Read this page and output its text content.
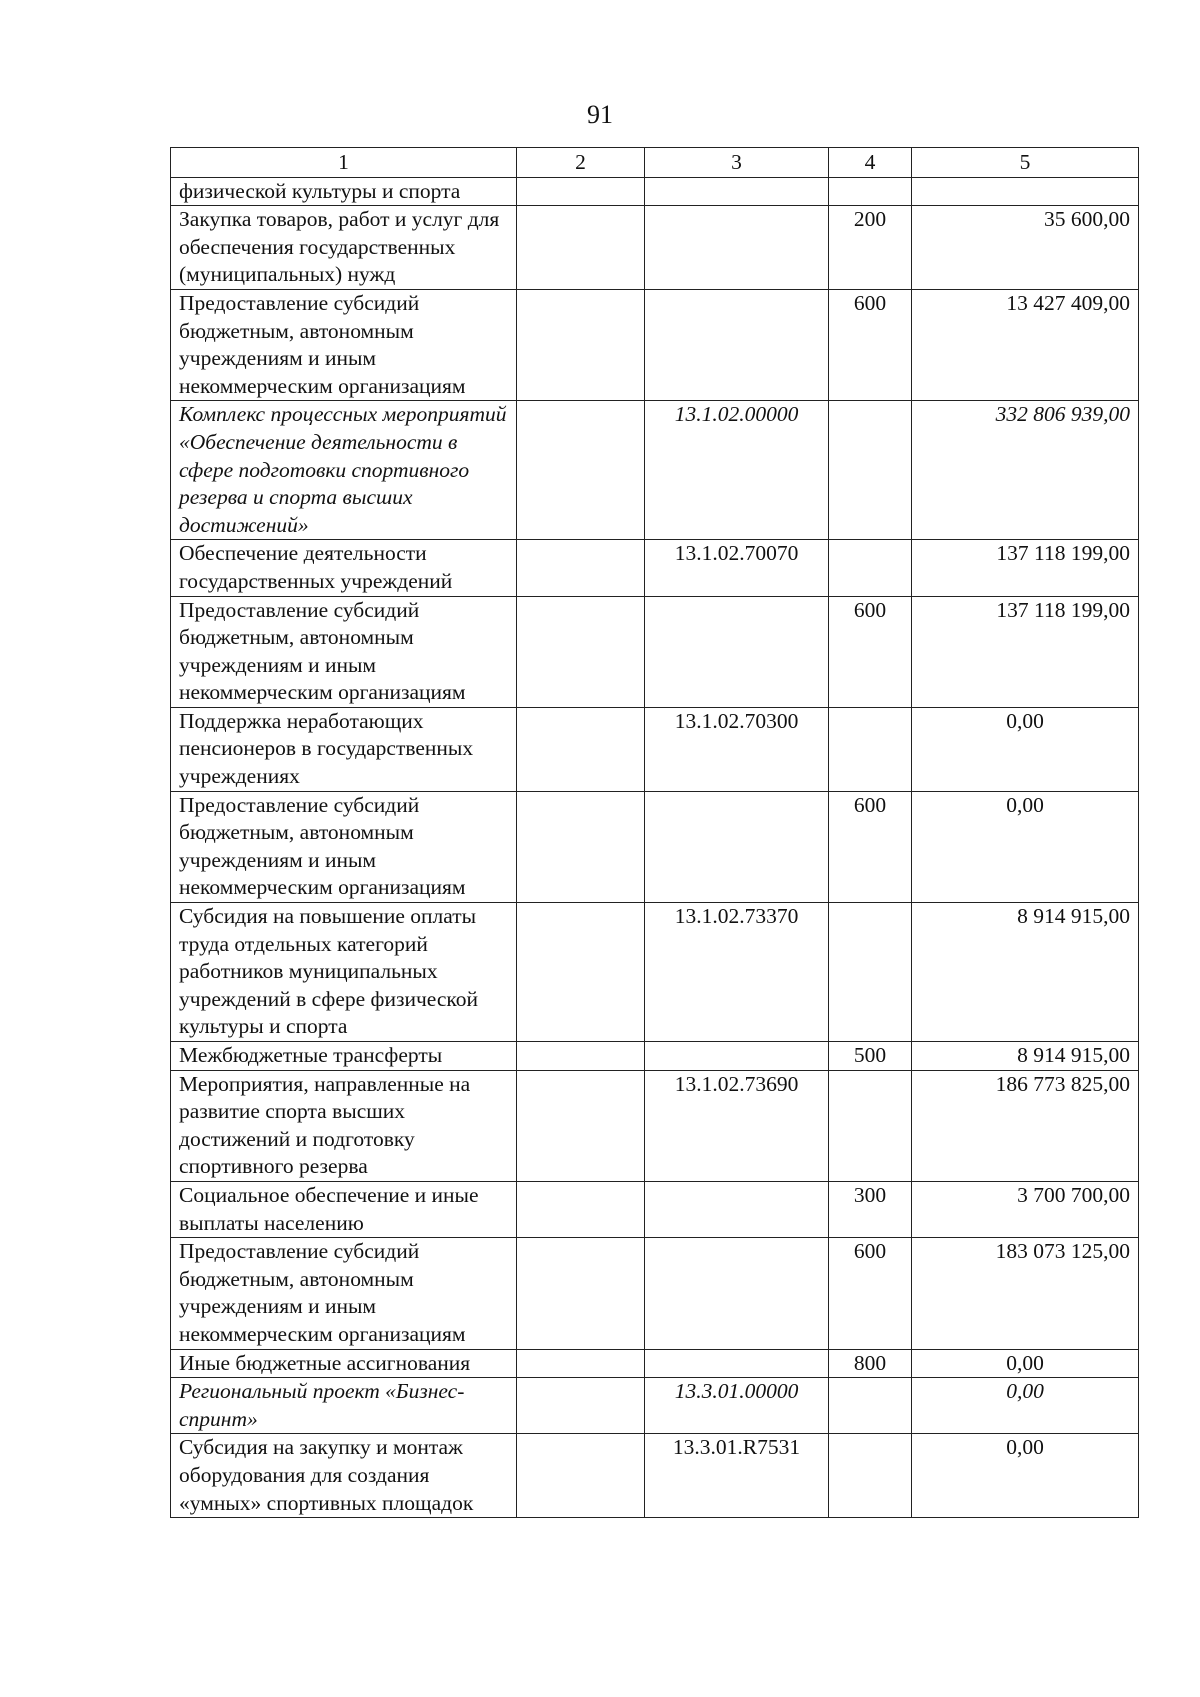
91
1	2	3	4	5
физической культуры и спорта				
Закупка товаров, работ и услуг для обеспечения государственных (муниципальных) нужд			200	35 600,00
Предоставление субсидий бюджетным, автономным учреждениям и иным некоммерческим организациям			600	13 427 409,00
Комплекс процессных мероприятий «Обеспечение деятельности в сфере подготовки спортивного резерва и спорта высших достижений»		13.1.02.00000		332 806 939,00
Обеспечение деятельности государственных учреждений		13.1.02.70070		137 118 199,00
Предоставление субсидий бюджетным, автономным учреждениям и иным некоммерческим организациям			600	137 118 199,00
Поддержка неработающих пенсионеров в государственных учреждениях		13.1.02.70300		0,00
Предоставление субсидий бюджетным, автономным учреждениям и иным некоммерческим организациям			600	0,00
Субсидия на повышение оплаты труда отдельных категорий работников муниципальных учреждений в сфере физической культуры и спорта		13.1.02.73370		8 914 915,00
Межбюджетные трансферты			500	8 914 915,00
Мероприятия, направленные на развитие спорта высших достижений и подготовку спортивного резерва		13.1.02.73690		186 773 825,00
Социальное обеспечение и иные выплаты населению			300	3 700 700,00
Предоставление субсидий бюджетным, автономным учреждениям и иным некоммерческим организациям			600	183 073 125,00
Иные бюджетные ассигнования			800	0,00
Региональный проект «Бизнес-спринт»		13.3.01.00000		0,00
Субсидия на закупку и монтаж оборудования для создания «умных» спортивных площадок		13.3.01.R7531		0,00
